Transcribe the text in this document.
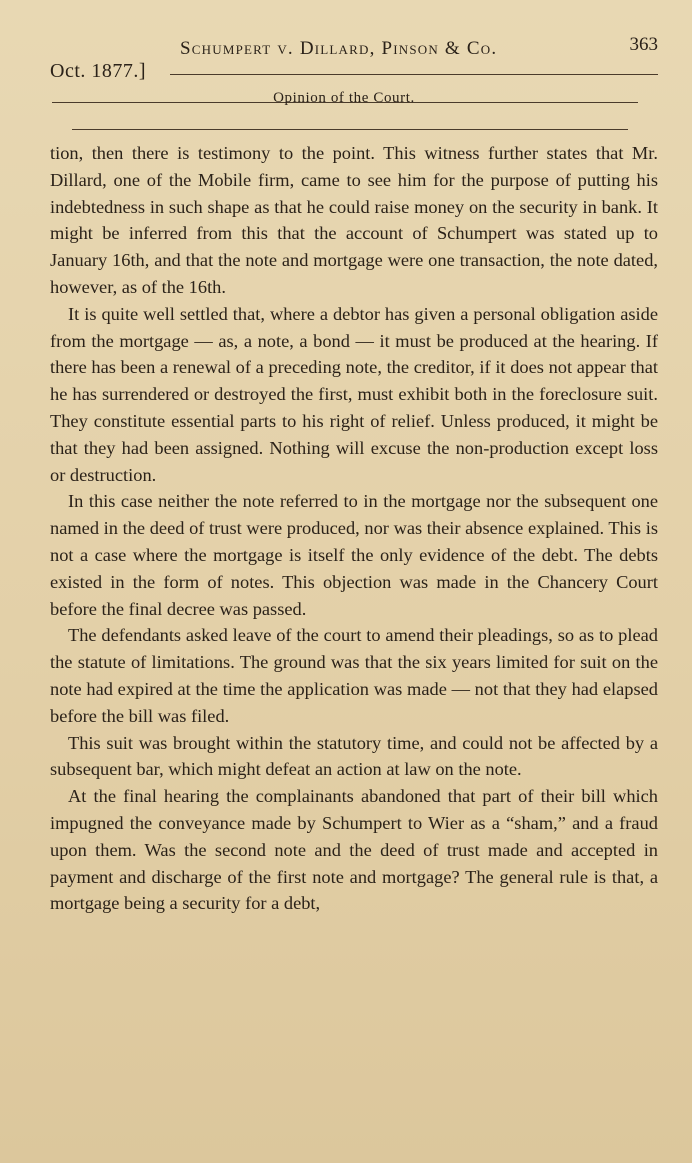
Oct. 1877.]
Schumpert v. Dillard, Pinson & Co.	363
Opinion of the Court.

tion, then there is testimony to the point. This witness further states that Mr. Dillard, one of the Mobile firm, came to see him for the purpose of putting his indebtedness in such shape as that he could raise money on the security in bank. It might be inferred from this that the account of Schumpert was stated up to January 16th, and that the note and mortgage were one transaction, the note dated, however, as of the 16th.

It is quite well settled that, where a debtor has given a personal obligation aside from the mortgage — as, a note, a bond — it must be produced at the hearing. If there has been a renewal of a preceding note, the creditor, if it does not appear that he has surrendered or destroyed the first, must exhibit both in the foreclosure suit. They constitute essential parts to his right of relief. Unless produced, it might be that they had been assigned. Nothing will excuse the non-production except loss or destruction.

In this case neither the note referred to in the mortgage nor the subsequent one named in the deed of trust were produced, nor was their absence explained. This is not a case where the mortgage is itself the only evidence of the debt. The debts existed in the form of notes. This objection was made in the Chancery Court before the final decree was passed.

The defendants asked leave of the court to amend their pleadings, so as to plead the statute of limitations. The ground was that the six years limited for suit on the note had expired at the time the application was made — not that they had elapsed before the bill was filed.

This suit was brought within the statutory time, and could not be affected by a subsequent bar, which might defeat an action at law on the note.

At the final hearing the complainants abandoned that part of their bill which impugned the conveyance made by Schumpert to Wier as a “sham,” and a fraud upon them. Was the second note and the deed of trust made and accepted in payment and discharge of the first note and mortgage? The general rule is that, a mortgage being a security for a debt,
